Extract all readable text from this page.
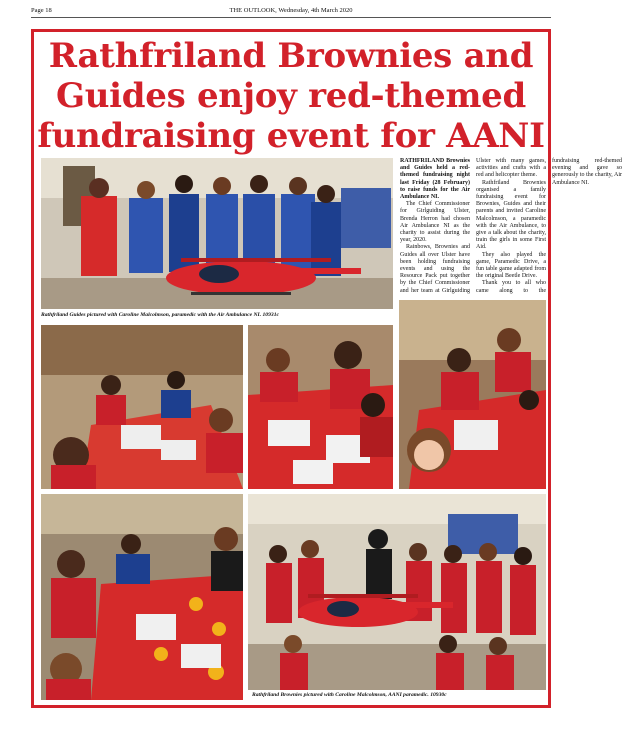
Page 18	THE OUTLOOK, Wednesday, 4th March 2020
Rathfriland Brownies and
Guides enjoy red-themed
fundraising event for AANI
Rathfriland Guides pictured with Caroline Malcolmson, paramedic with the Air Ambulance NI. 10931c

RATHFRILAND Brownies and Guides held a red-themed fundraising night last Friday (28 February) to raise funds for the Air Ambulance NI.

The Chief Commissioner for Girlguiding Ulster, Brenda Herron had chosen Air Ambulance NI as the charity to assist during the year, 2020.

Rainbows, Brownies and Guides all over Ulster have been holding fundraising events and using the Resource Pack put together by the Chief Commissioner and her team at Girlguiding Ulster with many games, activities and crafts with a red and helicopter theme.

Rathfriland Brownies organised a family fundraising event for Brownies, Guides and their parents and invited Caroline Malcolmson, a paramedic with the Air Ambulance, to give a talk about the charity, train the girls in some First Aid.

They also played the game, Paramedic Drive, a fun table game adapted from the original Beetle Drive.

Thank you to all who came along to the fundraising red-themed evening and gave so generously to the charity, Air Ambulance NI.

Rathfriland Brownies pictured with Caroline Malcolmson, AANI paramedic. 10930c
